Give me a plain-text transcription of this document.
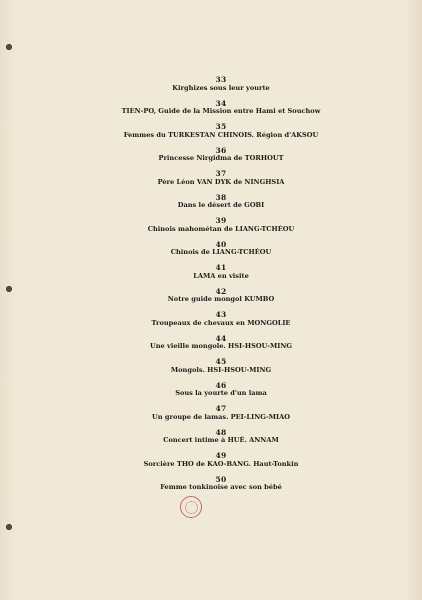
33
Kirghizes sous leur yourte
34
TIEN-PO, Guide de la Mission entre Hami et Souchow
35
Femmes du TURKESTAN CHINOIS. Région d'AKSOU
36
Princesse Nirgidma de TORHOUT
37
Père Léon VAN DYK de NINGHSIA
38
Dans le désert de GOBI
39
Chinois mahométan de LIANG-TCHÉOU
40
Chinois de LIANG-TCHÉOU
41
LAMA en visite
42
Notre guide mongol KUMBO
43
Troupeaux de chevaux en MONGOLIE
44
Une vieille mongole. HSI-HSOU-MING
45
Mongols. HSI-HSOU-MING
46
Sous la yourte d'un lama
47
Un groupe de lamas. PEI-LING-MIAO
48
Concert intime à HUÉ. ANNAM
49
Sorcière THO de KAO-BANG. Haut-Tonkin
50
Femme tonkinoise avec son bébé
